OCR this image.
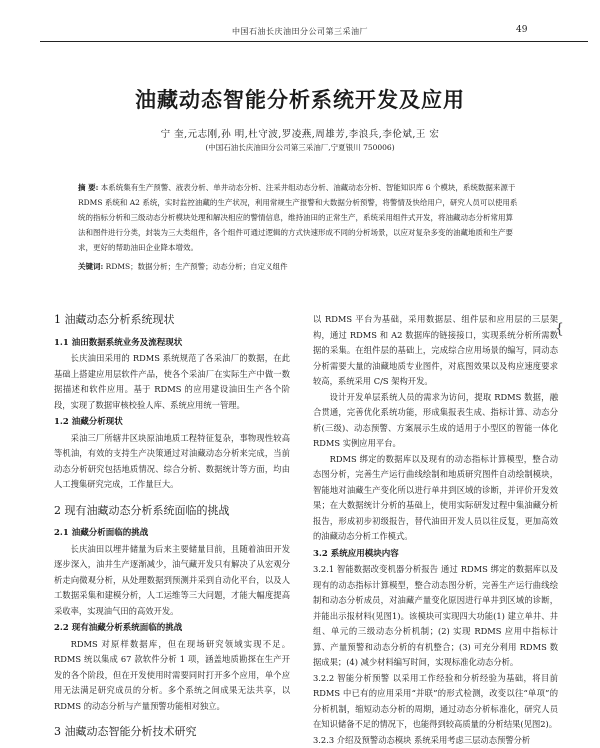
中国石油长庆油田分公司第三采油厂	49
油藏动态智能分析系统开发及应用
宁 奎,元志刚,孙 明,杜守波,罗凌燕,周雄芳,李浪兵,李伦斌,王 宏
(中国石油长庆油田分公司第三采油厂,宁夏银川 750006)
摘 要: 本系统集有生产预警、液表分析、单井动态分析、注采井组动态分析、油藏动态分析、智能知识库 6 个模块，系统数据来源于 RDMS 系统和 A2 系统，实时监控油藏的生产状况，利用常规生产报警和大数据分析预警，将警情及快给用户，研究人员可以使用系统的指标分析和三级动态分析模块处理和解决相应的警情信息，维持油田的正常生产，系统采用组件式开发，将油藏动态分析常用算法和图件进行分类，封装为三大类组件，各个组件可通过逻辑的方式快速形成不同的分析场景，以应对复杂多变的油藏地质和生产要求，更好的帮助油田企业降本增效。
关键词: RDMS；数据分析；生产预警；动态分析；自定义组件
1 油藏动态分析系统现状
1.1 油田数据系统业务及流程现状

长庆油田采用的 RDMS 系统规范了各采油厂的数据，在此基础上搭建应用层软件产品，使各个采油厂在实际生产中做一数据描述和软件应用。基于 RDMS 的应用建设油田生产各个阶段，实现了数据审核校验人库、系统应用统一管理。

1.2 油藏分析现状

采油三厂所辖井区块原油地质工程特征复杂，事物现性较高等机油，有效的支持生产决策通过对油藏动态分析来完成，当前动态分析研究包括地质情况、综合分析、数据统计等方面，均由人工搜集研究完成，工作量巨大。

2 现有油藏动态分析系统面临的挑战
2.1 油藏分析面临的挑战

长庆油田以埋井储量为后来主要储量目前，且随着油田开发逐步深入，油井生产逐渐减少，油气藏开发只有解决了从宏观分析走向微观分析，从处理数据到预测并采到自动化平台，以及人工数据采集和建模分析，人工运维等三大问题，才能大幅度提高采收率，实现油气田的高效开发。

2.2 现有油藏分析系统面临的挑战

RDMS 对原样数据库，但在现场研究领域实现不足。RDMS 统以集成 67 款软件分析 1 项，涵盖地质勘探在生产开发的各个阶段，但在开发使用时需要同时打开多个应用，单个应用无法满足研究成员的分析。多个系统之间成果无法共享，以 RDMS 的动态分析与产量预警功能相对独立。

3 油藏动态智能分析技术研究

以 RDMS 平台为基础，采用数据层、组件层和应用层的三层架构，通过 RDMS 和 A2 数据库的链接接口，实现系统分析所需数据的采集。在组件层的基础上，完成综合应用场景的编写，同动态分析需要大量的油藏地质专业图件，对底图效果以及构应速度要求较高，系统采用 C/S 架构开发。

设计开发单层系统人员的需求为访问，提取 RDMS 数据，融合贯通，完善优化系统功能，形成集报表生成、指标计算、动态分析(三级)、动态预警、方案展示生成的适用于小型区的智能一体化 RDMS 实例应用平台。

RDMS 绑定的数据库以及现有的动态指标计算模型，整合动态图分析，完善生产运行曲线绘制和地质研究图件自动绘制模块，智能地对油藏生产变化所以进行单井到区域的诊断，并评价开发效果；在大数据统计分析的基础上，使用实际研发过程中集油藏分析报告，形成初步初级报告，替代油田开发人员以往反复，更加高效的油藏动态分析工作模式。

3.2 系统应用模块内容

3.2.1 智能数据改变机器分析报告 通过 RDMS 绑定的数据库以及现有的动态指标计算模型，整合动态图分析，完善生产运行曲线绘制和动态分析成员，对油藏产量变化原因进行单井到区域的诊断，并能出示报材料(见图1)。该模块可实现四大功能(1) 建立单井、井组、单元的三级动态分析机制；(2) 实现 RDMS 应用中指标计算、产量预警和动态分析的有机整合；(3) 可充分利用 RDMS 数据成果；(4) 减少材料编写时间，实现标准化动态分析。

3.2.2 智能分析预警 以采用工作经验和分析经验为基础，将目前 RDMS 中已有的应用采用“并联”的形式检测，改变以往“单项”的分析机制，缩短动态分析的周期，通过动态分析标准化，研究人员在知识储备不足的情况下，也能得到较高质量的分析结果(见图2)。

3.2.3 介绍及预警动态模块 系统采用考虑三层动态预警分析

{
